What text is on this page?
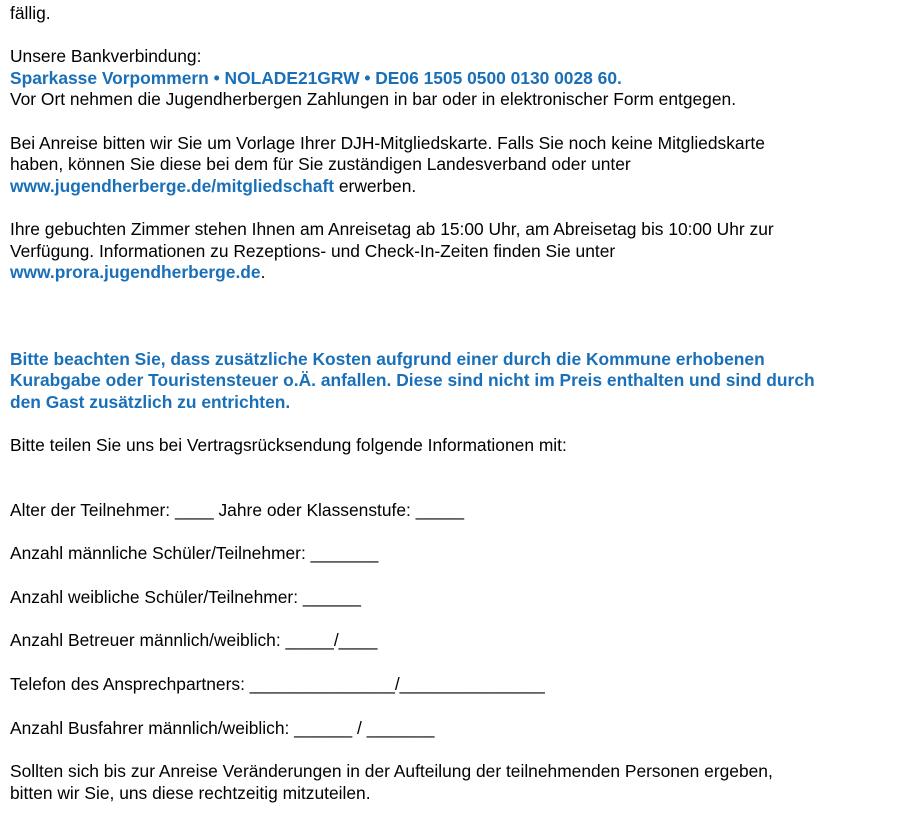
fällig.
Unsere Bankverbindung:
Sparkasse Vorpommern • NOLADE21GRW • DE06 1505 0500 0130 0028 60.
Vor Ort nehmen die Jugendherbergen Zahlungen in bar oder in elektronischer Form entgegen.
Bei Anreise bitten wir Sie um Vorlage Ihrer DJH-Mitgliedskarte. Falls Sie noch keine Mitgliedskarte
haben, können Sie diese bei dem für Sie zuständigen Landesverband oder unter
www.jugendherberge.de/mitgliedschaft erwerben.
Ihre gebuchten Zimmer stehen Ihnen am Anreisetag ab 15:00 Uhr, am Abreisetag bis 10:00 Uhr zur
Verfügung. Informationen zu Rezeptions- und Check-In-Zeiten finden Sie unter
www.prora.jugendherberge.de.
Bitte beachten Sie, dass zusätzliche Kosten aufgrund einer durch die Kommune erhobenen
Kurabgabe oder Touristensteuer o.Ä. anfallen. Diese sind nicht im Preis enthalten und sind durch
den Gast zusätzlich zu entrichten.
Bitte teilen Sie uns bei Vertragsrücksendung folgende Informationen mit:
Alter der Teilnehmer: ____ Jahre oder Klassenstufe: _____
Anzahl männliche Schüler/Teilnehmer: _______
Anzahl weibliche Schüler/Teilnehmer: ______
Anzahl Betreuer männlich/weiblich: _____/____
Telefon des Ansprechpartners: _______________/_______________
Anzahl Busfahrer männlich/weiblich: ______ / _______
Sollten sich bis zur Anreise Veränderungen in der Aufteilung der teilnehmenden Personen ergeben,
bitten wir Sie, uns diese rechtzeitig mitzuteilen.
